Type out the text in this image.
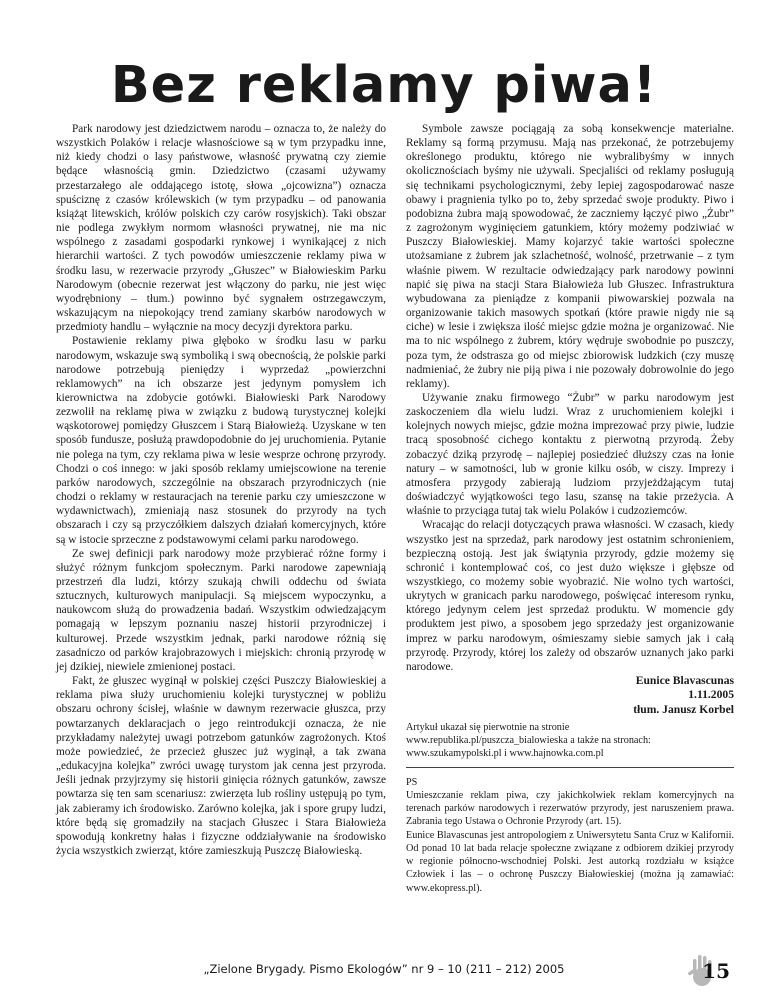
Bez reklamy piwa!

Park narodowy jest dziedzictwem narodu – oznacza to, że należy do wszystkich Polaków i relacje własnościowe są w tym przypadku inne, niż kiedy chodzi o lasy państwowe, własność prywatną czy ziemie będące własnością gmin. Dziedzictwo (czasami używamy przestarzałego ale oddającego istotę, słowa „ojcowizna”) oznacza spuściznę z czasów królewskich (w tym przypadku – od panowania książąt litewskich, królów polskich czy carów rosyjskich). Taki obszar nie podlega zwykłym normom własności prywatnej, nie ma nic wspólnego z zasadami gospodarki rynkowej i wynikającej z nich hierarchii wartości. Z tych powodów umieszczenie reklamy piwa w środku lasu, w rezerwacie przyrody „Głuszec” w Białowieskim Parku Narodowym (obecnie rezerwat jest włączony do parku, nie jest więc wyodrębniony – tłum.) powinno być sygnałem ostrzegawczym, wskazującym na niepokojący trend zamiany skarbów narodowych w przedmioty handlu – wyłącznie na mocy decyzji dyrektora parku.

Postawienie reklamy piwa głęboko w środku lasu w parku narodowym, wskazuje swą symboliką i swą obecnością, że polskie parki narodowe potrzebują pieniędzy i wyprzedaż „powierzchni reklamowych” na ich obszarze jest jedynym pomysłem ich kierownictwa na zdobycie gotówki. Białowieski Park Narodowy zezwolił na reklamę piwa w związku z budową turystycznej kolejki wąskotorowej pomiędzy Głuszcem i Starą Białowieżą. Uzyskane w ten sposób fundusze, posłużą prawdopodobnie do jej uruchomienia. Pytanie nie polega na tym, czy reklama piwa w lesie wesprze ochronę przyrody. Chodzi o coś innego: w jaki sposób reklamy umiejscowione na terenie parków narodowych, szczególnie na obszarach przyrodniczych (nie chodzi o reklamy w restauracjach na terenie parku czy umieszczone w wydawnictwach), zmieniają nasz stosunek do przyrody na tych obszarach i czy są przyczółkiem dalszych działań komercyjnych, które są w istocie sprzeczne z podstawowymi celami parku narodowego.

Ze swej definicji park narodowy może przybierać różne formy i służyć różnym funkcjom społecznym. Parki narodowe zapewniają przestrzeń dla ludzi, którzy szukają chwili oddechu od świata sztucznych, kulturowych manipulacji. Są miejscem wypoczynku, a naukowcom służą do prowadzenia badań. Wszystkim odwiedzającym pomagają w lepszym poznaniu naszej historii przyrodniczej i kulturowej. Przede wszystkim jednak, parki narodowe różnią się zasadniczo od parków krajobrazowych i miejskich: chronią przyrodę w jej dzikiej, niewiele zmienionej postaci.

Fakt, że głuszec wyginął w polskiej części Puszczy Białowieskiej a reklama piwa służy uruchomieniu kolejki turystycznej w pobliżu obszaru ochrony ścisłej, właśnie w dawnym rezerwacie głuszca, przy powtarzanych deklaracjach o jego reintrodukcji oznacza, że nie przykładamy należytej uwagi potrzebom gatunków zagrożonych. Ktoś może powiedzieć, że przecież głuszec już wyginął, a tak zwana „edukacyjna kolejka” zwróci uwagę turystom jak cenna jest przyroda. Jeśli jednak przyjrzymy się historii ginięcia różnych gatunków, zawsze powtarza się ten sam scenariusz: zwierzęta lub rośliny ustępują po tym, jak zabieramy ich środowisko. Zarówno kolejka, jak i spore grupy ludzi, które będą się gromadziły na stacjach Głuszec i Stara Białowieża spowodują konkretny hałas i fizyczne oddziaływanie na środowisko życia wszystkich zwierząt, które zamieszkują Puszczę Białowieską.

Symbole zawsze pociągają za sobą konsekwencje materialne. Reklamy są formą przymusu. Mają nas przekonać, że potrzebujemy określonego produktu, którego nie wybralibyśmy w innych okolicznościach byśmy nie używali. Specjaliści od reklamy posługują się technikami psychologicznymi, żeby lepiej zagospodarować nasze obawy i pragnienia tylko po to, żeby sprzedać swoje produkty. Piwo i podobizna żubra mają spowodować, że zaczniemy łączyć piwo „Żubr” z zagrożonym wyginięciem gatunkiem, który możemy podziwiać w Puszczy Białowieskiej. Mamy kojarzyć takie wartości społeczne utożsamiane z żubrem jak szlachetność, wolność, przetrwanie – z tym właśnie piwem. W rezultacie odwiedzający park narodowy powinni napić się piwa na stacji Stara Białowieża lub Głuszec. Infrastruktura wybudowana za pieniądze z kompanii piwowarskiej pozwala na organizowanie takich masowych spotkań (które prawie nigdy nie są ciche) w lesie i zwiększa ilość miejsc gdzie można je organizować. Nie ma to nic wspólnego z żubrem, który wędruje swobodnie po puszczy, poza tym, że odstrasza go od miejsc zbiorowisk ludzkich (czy muszę nadmieniać, że żubry nie piją piwa i nie pozowały dobrowolnie do jego reklamy).

Używanie znaku firmowego “Żubr” w parku narodowym jest zaskoczeniem dla wielu ludzi. Wraz z uruchomieniem kolejki i kolejnych nowych miejsc, gdzie można imprezować przy piwie, ludzie tracą sposobność cichego kontaktu z pierwotną przyrodą. Żeby zobaczyć dziką przyrodę – najlepiej posiedzieć dłuższy czas na łonie natury – w samotności, lub w gronie kilku osób, w ciszy. Imprezy i atmosfera przygody zabierają ludziom przyjeżdżającym tutaj doświadczyć wyjątkowości tego lasu, szansę na takie przeżycia. A właśnie to przyciąga tutaj tak wielu Polaków i cudzoziemców.

Wracając do relacji dotyczących prawa własności. W czasach, kiedy wszystko jest na sprzedaż, park narodowy jest ostatnim schronieniem, bezpieczną ostoją. Jest jak świątynia przyrody, gdzie możemy się schronić i kontemplować coś, co jest dużo większe i głębsze od wszystkiego, co możemy sobie wyobrazić. Nie wolno tych wartości, ukrytych w granicach parku narodowego, poświęcać interesom rynku, którego jedynym celem jest sprzedaż produktu. W momencie gdy produktem jest piwo, a sposobem jego sprzedaży jest organizowanie imprez w parku narodowym, ośmieszamy siebie samych jak i całą przyrodę. Przyrody, której los zależy od obszarów uznanych jako parki narodowe.

Eunice Blavascunas
1.11.2005
tłum. Janusz Korbel
Artykuł ukazał się pierwotnie na stronie
www.republika.pl/puszcza_bialowieska a także na stronach:
www.szukamypolski.pl i www.hajnowka.com.pl
PS

Umieszczanie reklam piwa, czy jakichkolwiek reklam komercyjnych na terenach parków narodowych i rezerwatów przyrody, jest naruszeniem prawa. Zabrania tego Ustawa o Ochronie Przyrody (art. 15).

Eunice Blavascunas jest antropologiem z Uniwersytetu Santa Cruz w Kalifornii. Od ponad 10 lat bada relacje społeczne związane z odbiorem dzikiej przyrody w regionie północno-wschodniej Polski. Jest autorką rozdziału w książce Człowiek i las – o ochronę Puszczy Białowieskiej (można ją zamawiać: www.ekopress.pl).

„Zielone Brygady. Pismo Ekologów” nr 9 – 10 (211 – 212) 2005	15
